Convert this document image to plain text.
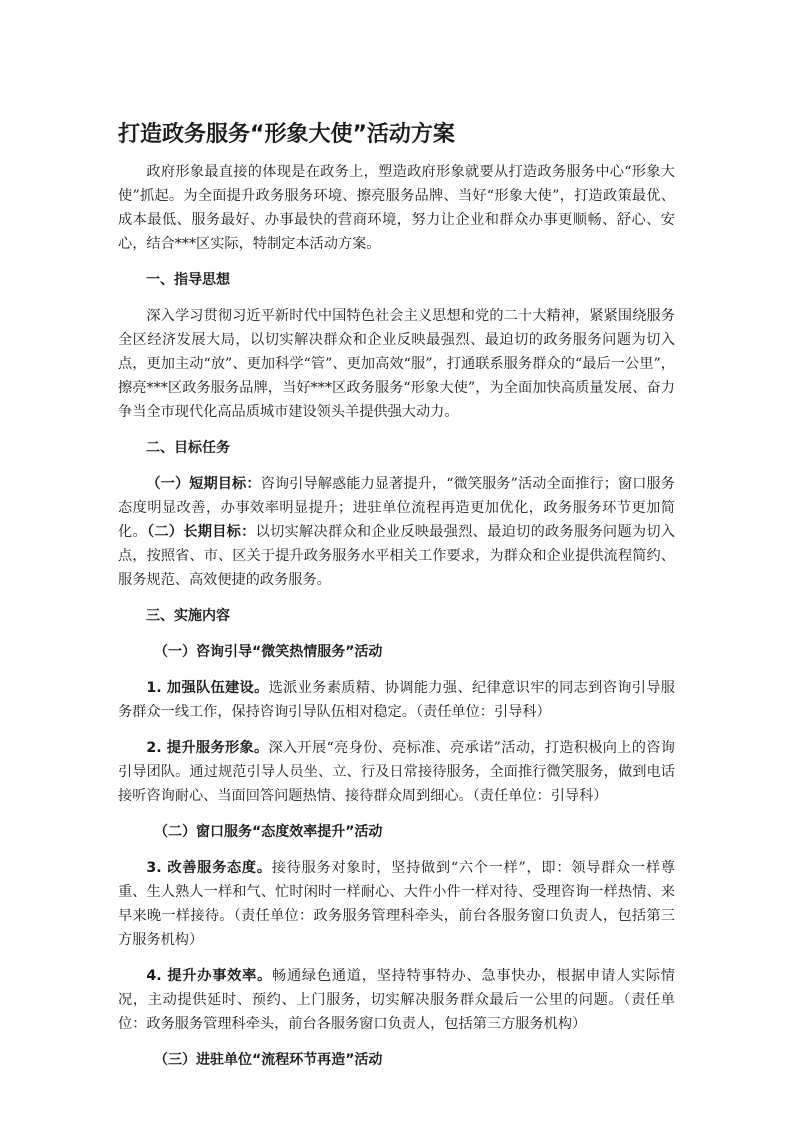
打造政务服务“形象大使”活动方案

政府形象最直接的体现是在政务上，塑造政府形象就要从打造政务服务中心“形象大使”抓起。为全面提升政务服务环境、擦亮服务品牌、当好“形象大使”，打造政策最优、成本最低、服务最好、办事最快的营商环境，努力让企业和群众办事更顺畅、舒心、安心，结合***区实际，特制定本活动方案。

一、指导思想

深入学习贯彻习近平新时代中国特色社会主义思想和党的二十大精神，紧紧围绕服务全区经济发展大局，以切实解决群众和企业反映最强烈、最迫切的政务服务问题为切入点，更加主动“放”、更加科学“管”、更加高效“服”，打通联系服务群众的“最后一公里”，擦亮***区政务服务品牌，当好***区政务服务“形象大使”，为全面加快高质量发展、奋力争当全市现代化高品质城市建设领头羊提供强大动力。

二、目标任务

（一）短期目标：咨询引导解惑能力显著提升，“微笑服务”活动全面推行；窗口服务态度明显改善，办事效率明显提升；进驻单位流程再造更加优化，政务服务环节更加简化。（二）长期目标：以切实解决群众和企业反映最强烈、最迫切的政务服务问题为切入点，按照省、市、区关于提升政务服务水平相关工作要求，为群众和企业提供流程简约、服务规范、高效便捷的政务服务。

三、实施内容
（一）咨询引导“微笑热情服务”活动

1. 加强队伍建设。选派业务素质精、协调能力强、纪律意识牢的同志到咨询引导服务群众一线工作，保持咨询引导队伍相对稳定。（责任单位：引导科）

2. 提升服务形象。深入开展“亮身份、亮标准、亮承诺”活动，打造积极向上的咨询引导团队。通过规范引导人员坐、立、行及日常接待服务，全面推行微笑服务，做到电话接听咨询耐心、当面回答问题热情、接待群众周到细心。（责任单位：引导科）

（二）窗口服务“态度效率提升”活动

3. 改善服务态度。接待服务对象时，坚持做到“六个一样”，即：领导群众一样尊重、生人熟人一样和气、忙时闲时一样耐心、大件小件一样对待、受理咨询一样热情、来早来晚一样接待。（责任单位：政务服务管理科牵头，前台各服务窗口负责人，包括第三方服务机构）

4. 提升办事效率。畅通绿色通道，坚持特事特办、急事快办，根据申请人实际情况，主动提供延时、预约、上门服务，切实解决服务群众最后一公里的问题。（责任单位：政务服务管理科牵头，前台各服务窗口负责人，包括第三方服务机构）

（三）进驻单位“流程环节再造”活动
